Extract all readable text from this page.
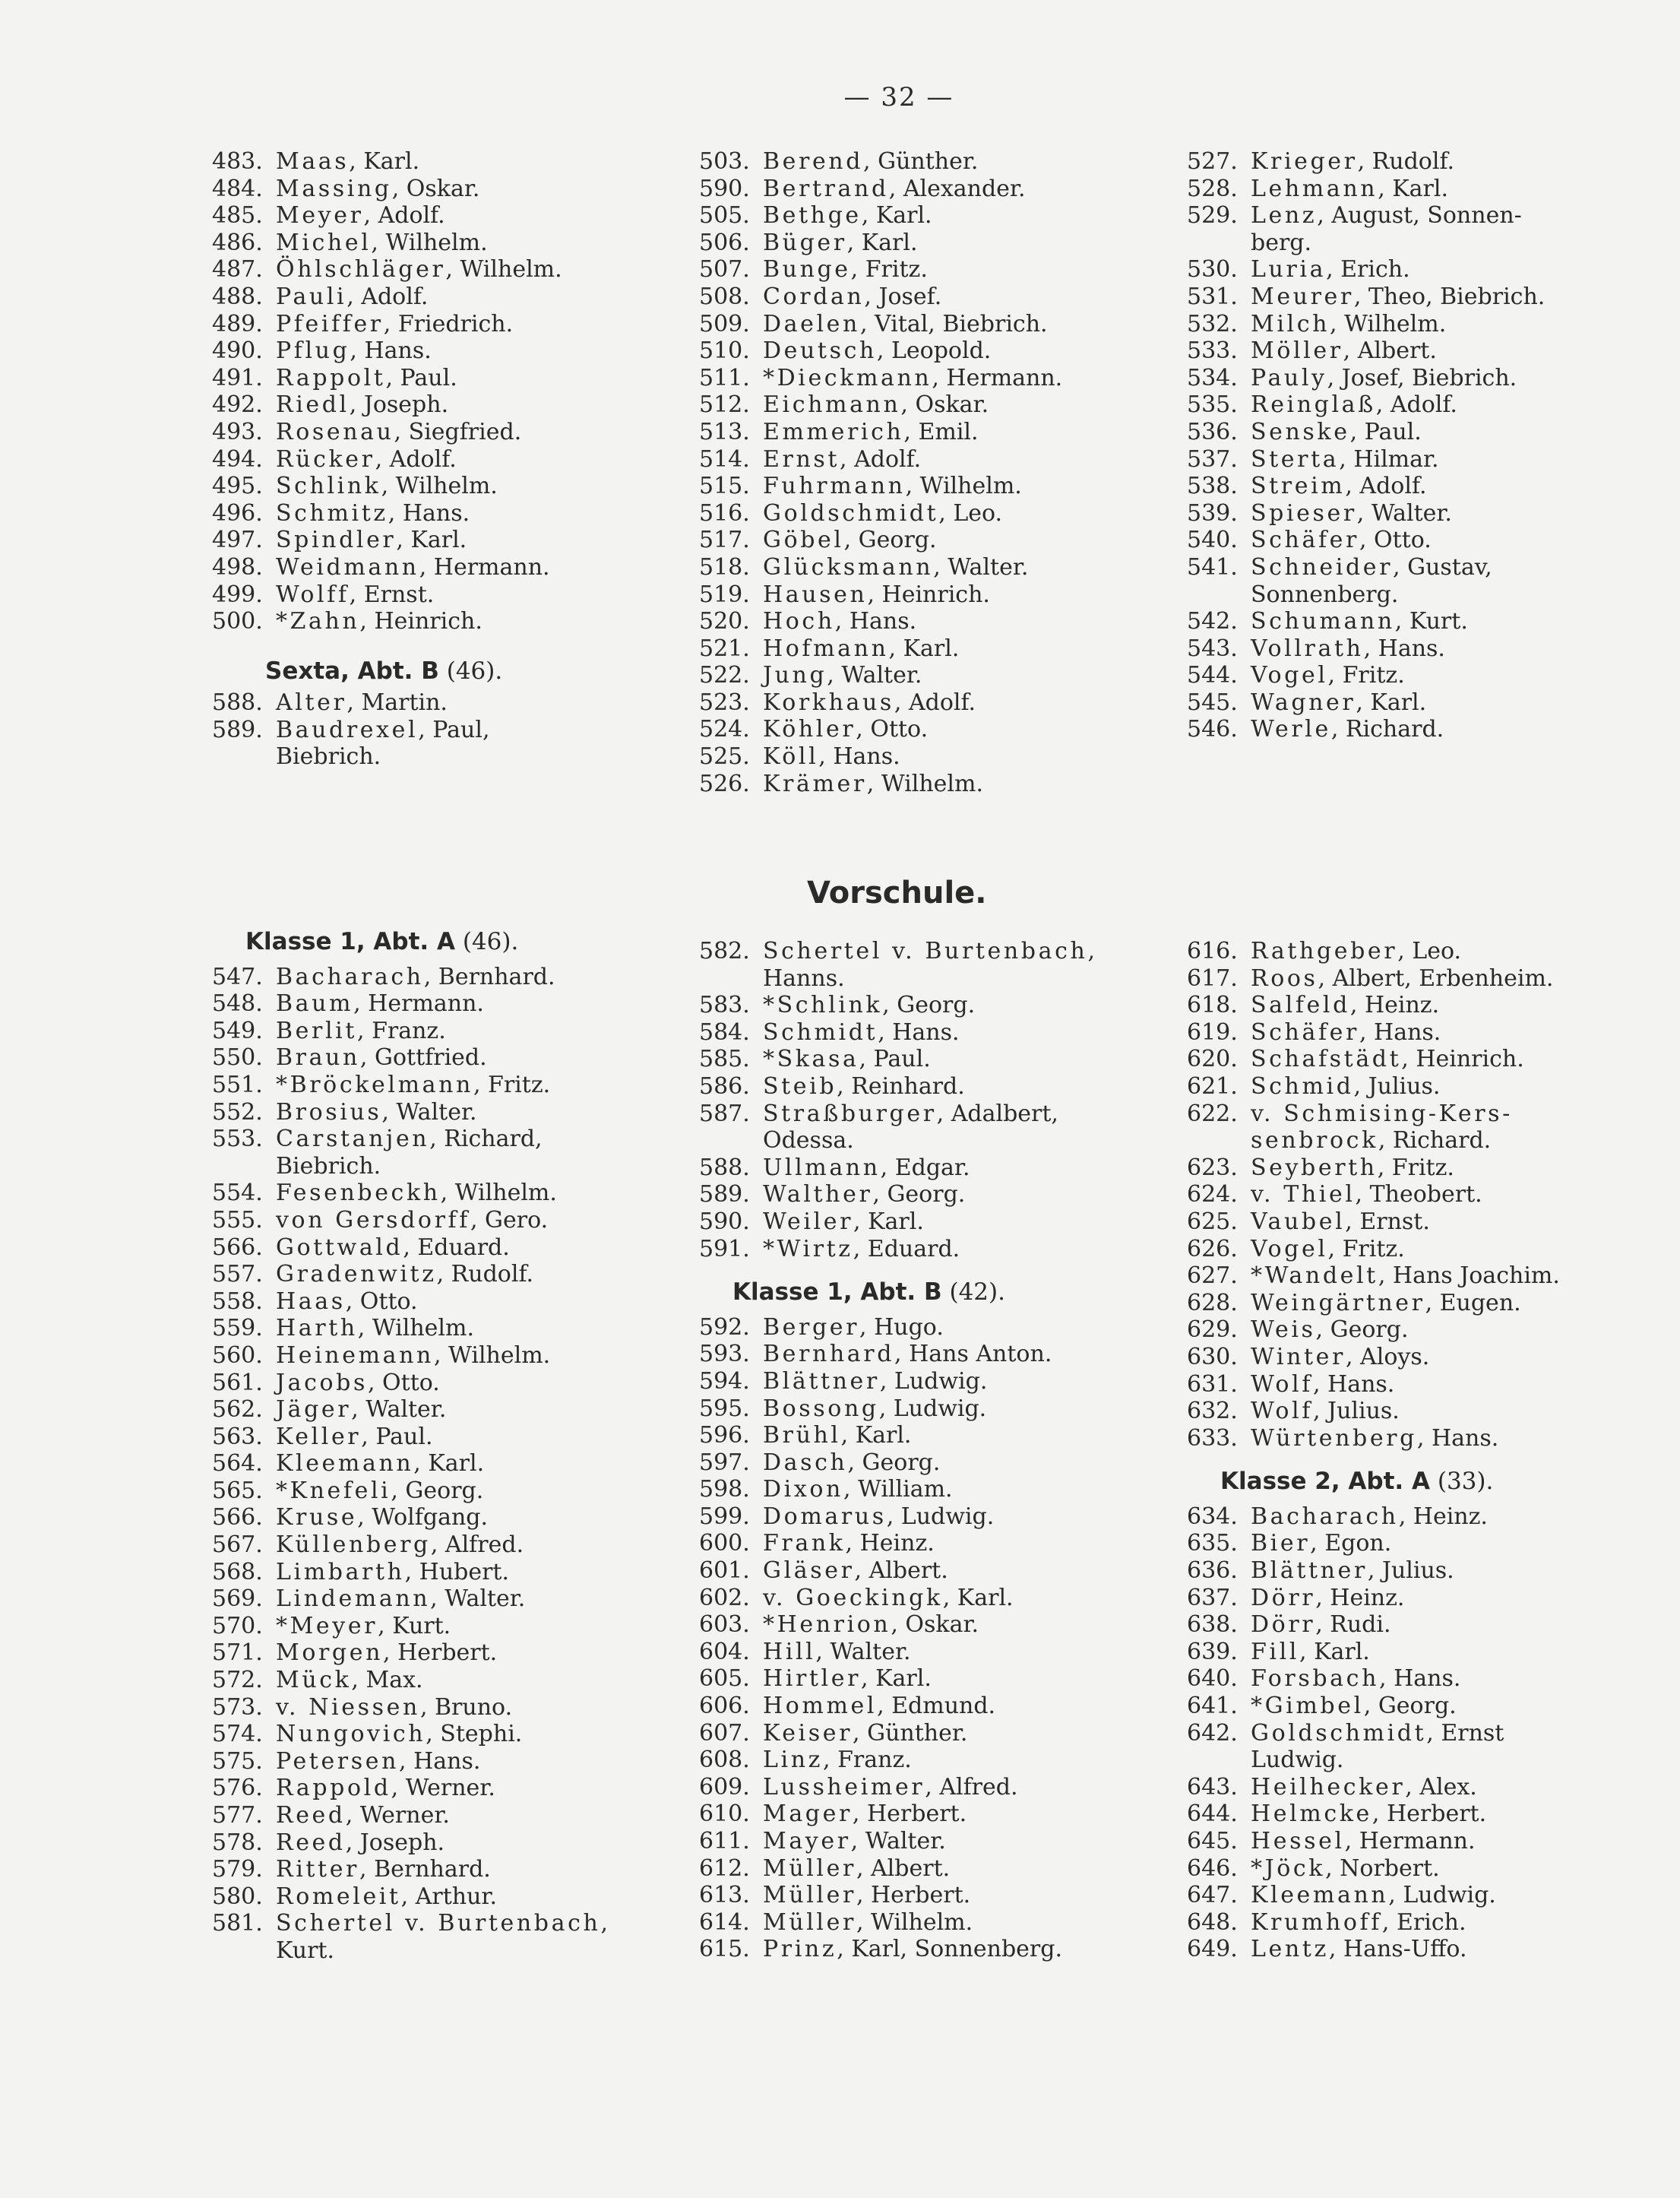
— 32 —
483. Maas, Karl.
484. Massing, Oskar.
485. Meyer, Adolf.
486. Michel, Wilhelm.
487. Öhlschläger, Wilhelm.
488. Pauli, Adolf.
489. Pfeiffer, Friedrich.
490. Pflug, Hans.
491. Rappolt, Paul.
492. Riedl, Joseph.
493. Rosenau, Siegfried.
494. Rücker, Adolf.
495. Schlink, Wilhelm.
496. Schmitz, Hans.
497. Spindler, Karl.
498. Weidmann, Hermann.
499. Wolff, Ernst.
500. *Zahn, Heinrich.
Sexta, Abt. B (46).
588. Alter, Martin.
589. Baudrexel, Paul,
Biebrich.
503. Berend, Günther.
590. Bertrand, Alexander.
505. Bethge, Karl.
506. Büger, Karl.
507. Bunge, Fritz.
508. Cordan, Josef.
509. Daelen, Vital, Biebrich.
510. Deutsch, Leopold.
511. *Dieckmann, Hermann.
512. Eichmann, Oskar.
513. Emmerich, Emil.
514. Ernst, Adolf.
515. Fuhrmann, Wilhelm.
516. Goldschmidt, Leo.
517. Göbel, Georg.
518. Glücksmann, Walter.
519. Hausen, Heinrich.
520. Hoch, Hans.
521. Hofmann, Karl.
522. Jung, Walter.
523. Korkhaus, Adolf.
524. Köhler, Otto.
525. Köll, Hans.
526. Krämer, Wilhelm.
527. Krieger, Rudolf.
528. Lehmann, Karl.
529. Lenz, August, Sonnen-
berg.
530. Luria, Erich.
531. Meurer, Theo, Biebrich.
532. Milch, Wilhelm.
533. Möller, Albert.
534. Pauly, Josef, Biebrich.
535. Reinglaß, Adolf.
536. Senske, Paul.
537. Sterta, Hilmar.
538. Streim, Adolf.
539. Spieser, Walter.
540. Schäfer, Otto.
541. Schneider, Gustav,
Sonnenberg.
542. Schumann, Kurt.
543. Vollrath, Hans.
544. Vogel, Fritz.
545. Wagner, Karl.
546. Werle, Richard.
Vorschule.
Klasse 1, Abt. A (46).
547. Bacharach, Bernhard.
548. Baum, Hermann.
549. Berlit, Franz.
550. Braun, Gottfried.
551. *Bröckelmann, Fritz.
552. Brosius, Walter.
553. Carstanjen, Richard,
Biebrich.
554. Fesenbeckh, Wilhelm.
555. von Gersdorff, Gero.
566. Gottwald, Eduard.
557. Gradenwitz, Rudolf.
558. Haas, Otto.
559. Harth, Wilhelm.
560. Heinemann, Wilhelm.
561. Jacobs, Otto.
562. Jäger, Walter.
563. Keller, Paul.
564. Kleemann, Karl.
565. *Knefeli, Georg.
566. Kruse, Wolfgang.
567. Küllenberg, Alfred.
568. Limbarth, Hubert.
569. Lindemann, Walter.
570. *Meyer, Kurt.
571. Morgen, Herbert.
572. Mück, Max.
573. v. Niessen, Bruno.
574. Nungovich, Stephi.
575. Petersen, Hans.
576. Rappold, Werner.
577. Reed, Werner.
578. Reed, Joseph.
579. Ritter, Bernhard.
580. Romeleit, Arthur.
581. Schertel v. Burtenbach,
Kurt.
582. Schertel v. Burtenbach,
Hanns.
583. *Schlink, Georg.
584. Schmidt, Hans.
585. *Skasa, Paul.
586. Steib, Reinhard.
587. Straßburger, Adalbert,
Odessa.
588. Ullmann, Edgar.
589. Walther, Georg.
590. Weiler, Karl.
591. *Wirtz, Eduard.
Klasse 1, Abt. B (42).
592. Berger, Hugo.
593. Bernhard, Hans Anton.
594. Blättner, Ludwig.
595. Bossong, Ludwig.
596. Brühl, Karl.
597. Dasch, Georg.
598. Dixon, William.
599. Domarus, Ludwig.
600. Frank, Heinz.
601. Gläser, Albert.
602. v. Goeckingk, Karl.
603. *Henrion, Oskar.
604. Hill, Walter.
605. Hirtler, Karl.
606. Hommel, Edmund.
607. Keiser, Günther.
608. Linz, Franz.
609. Lussheimer, Alfred.
610. Mager, Herbert.
611. Mayer, Walter.
612. Müller, Albert.
613. Müller, Herbert.
614. Müller, Wilhelm.
615. Prinz, Karl, Sonnenberg.
616. Rathgeber, Leo.
617. Roos, Albert, Erbenheim.
618. Salfeld, Heinz.
619. Schäfer, Hans.
620. Schafstädt, Heinrich.
621. Schmid, Julius.
622. v. Schmising-Kers-
senbrock, Richard.
623. Seyberth, Fritz.
624. v. Thiel, Theobert.
625. Vaubel, Ernst.
626. Vogel, Fritz.
627. *Wandelt, Hans Joachim.
628. Weingärtner, Eugen.
629. Weis, Georg.
630. Winter, Aloys.
631. Wolf, Hans.
632. Wolf, Julius.
633. Würtenberg, Hans.
Klasse 2, Abt. A (33).
634. Bacharach, Heinz.
635. Bier, Egon.
636. Blättner, Julius.
637. Dörr, Heinz.
638. Dörr, Rudi.
639. Fill, Karl.
640. Forsbach, Hans.
641. *Gimbel, Georg.
642. Goldschmidt, Ernst
Ludwig.
643. Heilhecker, Alex.
644. Helmcke, Herbert.
645. Hessel, Hermann.
646. *Jöck, Norbert.
647. Kleemann, Ludwig.
648. Krumhoff, Erich.
649. Lentz, Hans-Uffo.
